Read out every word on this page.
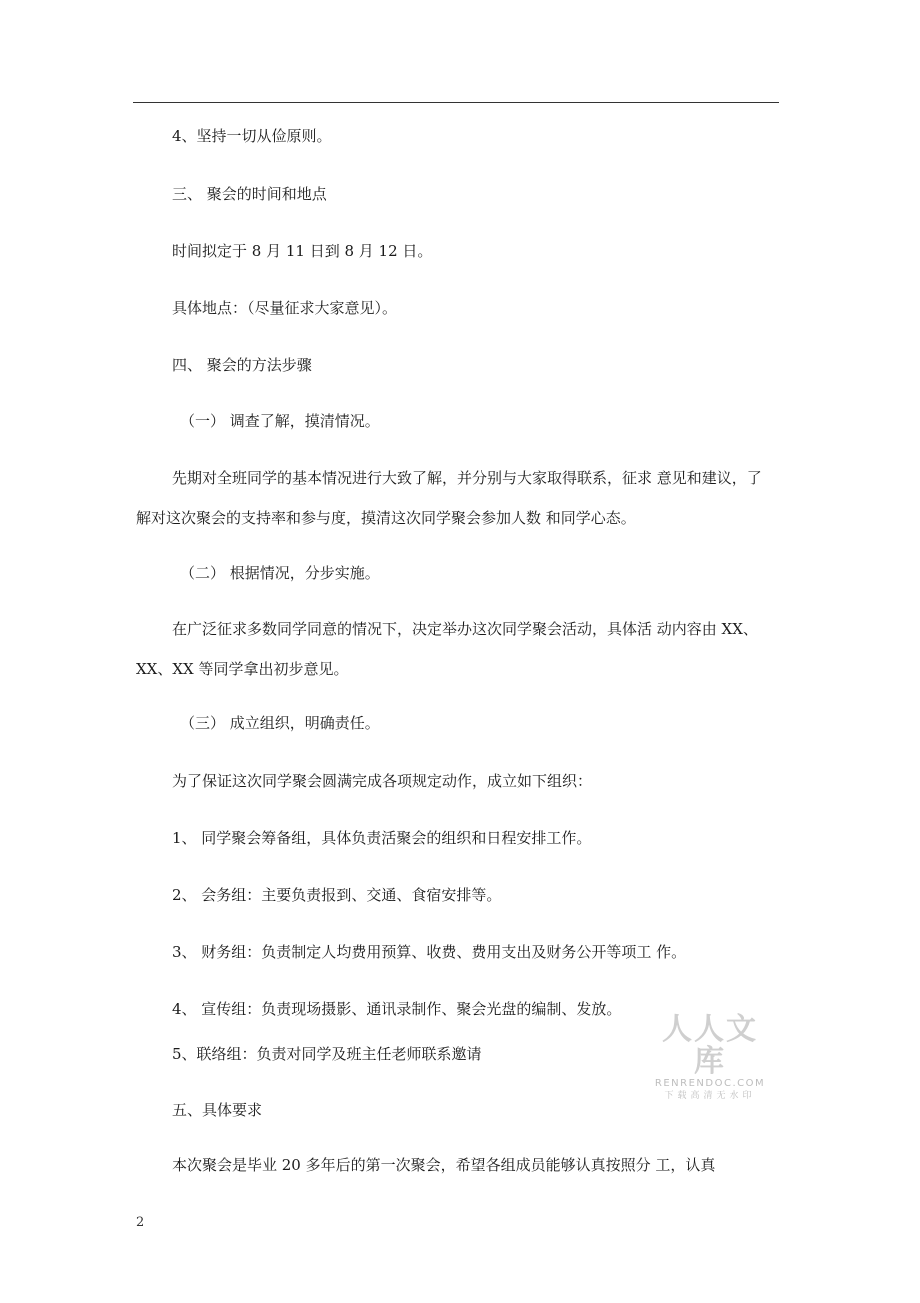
4、坚持一切从俭原则。
三、 聚会的时间和地点
时间拟定于 8 月 11 日到 8 月 12 日。
具体地点：（尽量征求大家意见）。
四、 聚会的方法步骤
（一） 调查了解，摸清情况。
先期对全班同学的基本情况进行大致了解，并分别与大家取得联系，征求 意见和建议，了解对这次聚会的支持率和参与度，摸清这次同学聚会参加人数 和同学心态。
（二） 根据情况，分步实施。
在广泛征求多数同学同意的情况下，决定举办这次同学聚会活动，具体活 动内容由 XX、XX、XX 等同学拿出初步意见。
（三） 成立组织，明确责任。
为了保证这次同学聚会圆满完成各项规定动作，成立如下组织：
1、 同学聚会筹备组，具体负责活聚会的组织和日程安排工作。
2、 会务组：主要负责报到、交通、食宿安排等。
3、 财务组：负责制定人均费用预算、收费、费用支出及财务公开等项工 作。
4、 宣传组：负责现场摄影、通讯录制作、聚会光盘的编制、发放。
5、联络组：负责对同学及班主任老师联系邀请
五、具体要求
本次聚会是毕业 20 多年后的第一次聚会，希望各组成员能够认真按照分 工，认真
人人文库
RENRENDOC.COM
下载高清无水印
2
